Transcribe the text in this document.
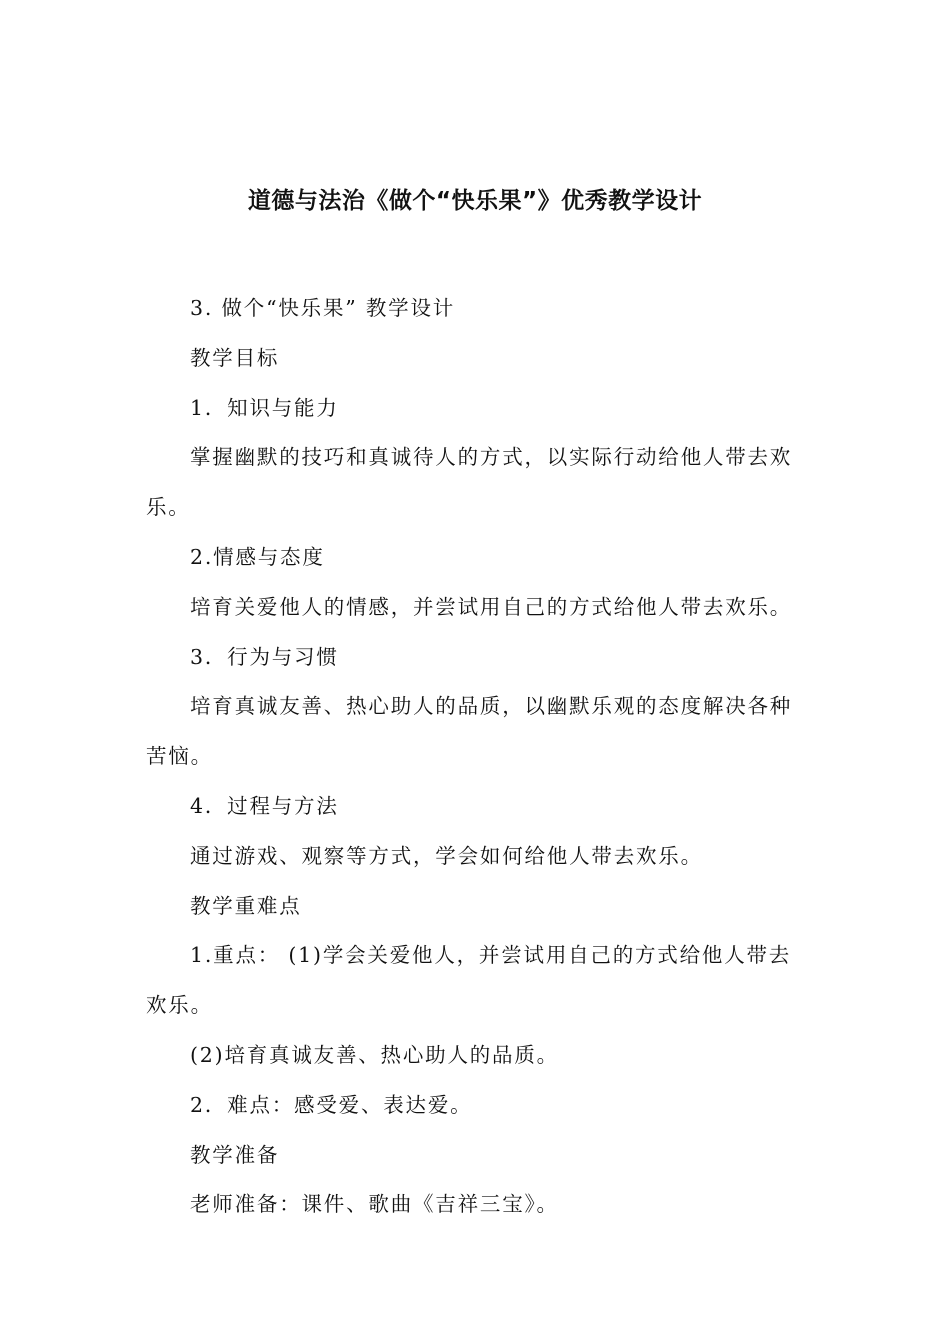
道德与法治《做个“快乐果”》优秀教学设计

3. 做个“快乐果” 教学设计

教学目标

1．知识与能力

掌握幽默的技巧和真诚待人的方式，以实际行动给他人带去欢乐。

2.情感与态度

培育关爱他人的情感，并尝试用自己的方式给他人带去欢乐。

3．行为与习惯

培育真诚友善、热心助人的品质，以幽默乐观的态度解决各种苦恼。

4．过程与方法

通过游戏、观察等方式，学会如何给他人带去欢乐。

教学重难点

1.重点： (1)学会关爱他人，并尝试用自己的方式给他人带去欢乐。

(2)培育真诚友善、热心助人的品质。

2．难点：感受爱、表达爱。

教学准备

老师准备：课件、歌曲《吉祥三宝》。
